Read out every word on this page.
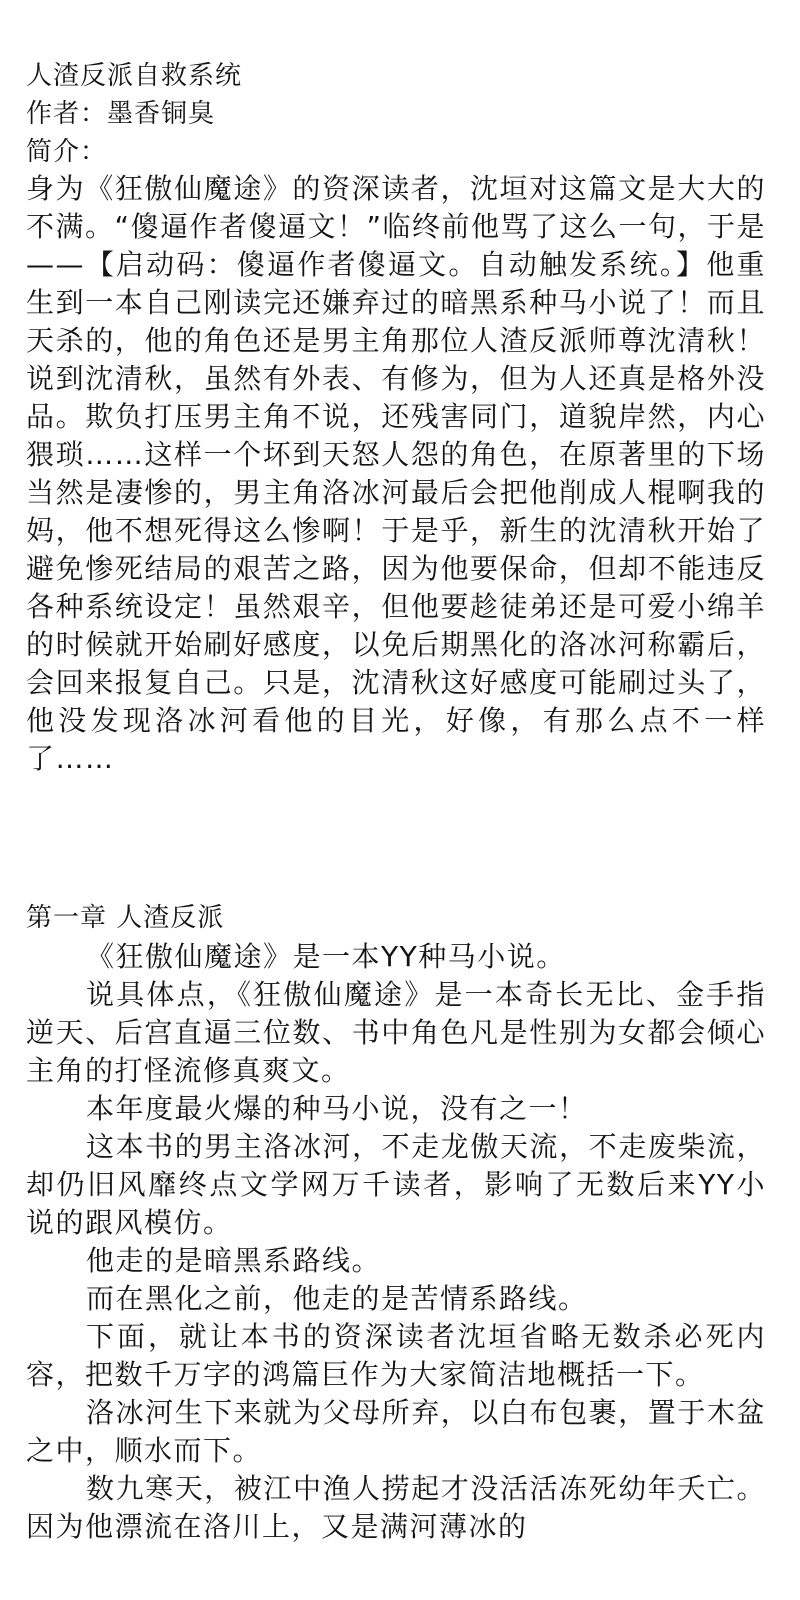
人渣反派自救系统
作者：墨香铜臭
简介：
身为《狂傲仙魔途》的资深读者，沈垣对这篇文是大大的不满。“傻逼作者傻逼文！”临终前他骂了这么一句，于是——【启动码：傻逼作者傻逼文。自动触发系统。】他重生到一本自己刚读完还嫌弃过的暗黑系种马小说了！而且天杀的，他的角色还是男主角那位人渣反派师尊沈清秋！说到沈清秋，虽然有外表、有修为，但为人还真是格外没品。欺负打压男主角不说，还残害同门，道貌岸然，内心猥琐……这样一个坏到天怒人怨的角色，在原著里的下场当然是凄惨的，男主角洛冰河最后会把他削成人棍啊我的妈，他不想死得这么惨啊！于是乎，新生的沈清秋开始了避免惨死结局的艰苦之路，因为他要保命，但却不能违反各种系统设定！虽然艰辛，但他要趁徒弟还是可爱小绵羊的时候就开始刷好感度，以免后期黑化的洛冰河称霸后，会回来报复自己。只是，沈清秋这好感度可能刷过头了，他没发现洛冰河看他的目光，好像，有那么点不一样了……
第一章 人渣反派

《狂傲仙魔途》是一本YY种马小说。

说具体点，《狂傲仙魔途》是一本奇长无比、金手指逆天、后宫直逼三位数、书中角色凡是性别为女都会倾心主角的打怪流修真爽文。

本年度最火爆的种马小说，没有之一！

这本书的男主洛冰河，不走龙傲天流，不走废柴流，却仍旧风靡终点文学网万千读者，影响了无数后来YY小说的跟风模仿。

他走的是暗黑系路线。

而在黑化之前，他走的是苦情系路线。

下面，就让本书的资深读者沈垣省略无数杀必死内容，把数千万字的鸿篇巨作为大家简洁地概括一下。

洛冰河生下来就为父母所弃，以白布包裹，置于木盆之中，顺水而下。

数九寒天，被江中渔人捞起才没活活冻死幼年夭亡。因为他漂流在洛川上，又是满河薄冰的
